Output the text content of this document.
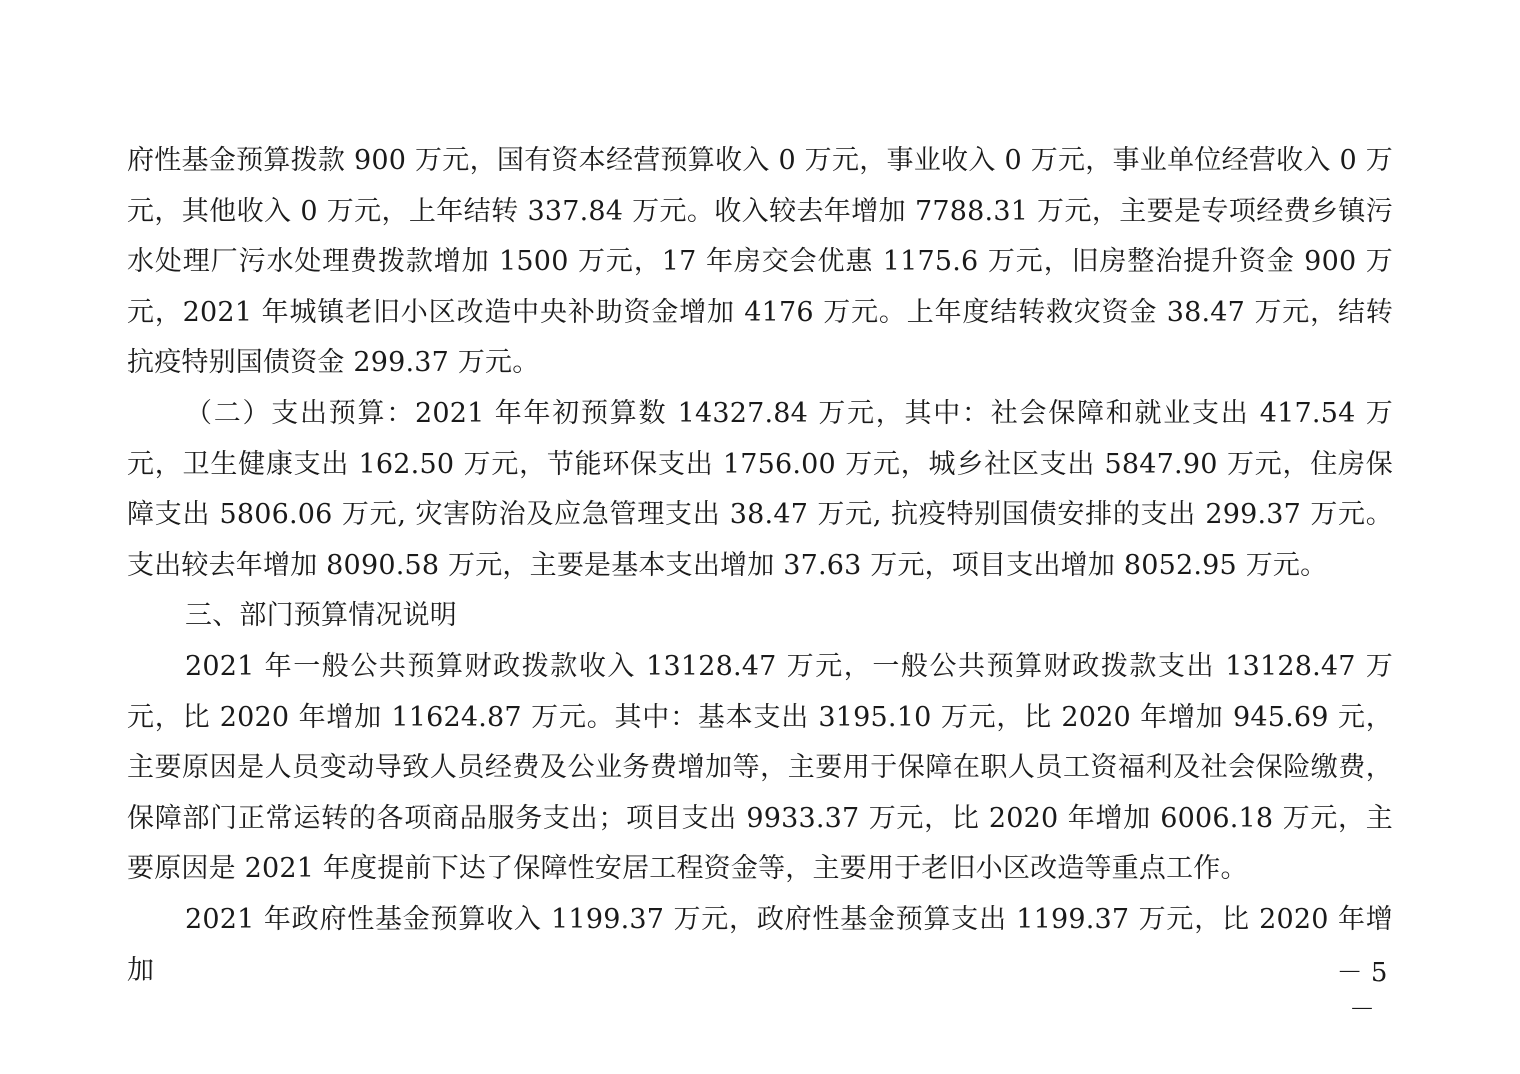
府性基金预算拨款 900 万元，国有资本经营预算收入 0 万元，事业收入 0 万元，事业单位经营收入 0 万元，其他收入 0 万元，上年结转 337.84 万元。收入较去年增加 7788.31 万元，主要是专项经费乡镇污水处理厂污水处理费拨款增加 1500 万元，17 年房交会优惠 1175.6 万元，旧房整治提升资金 900 万元，2021 年城镇老旧小区改造中央补助资金增加 4176 万元。上年度结转救灾资金 38.47 万元，结转抗疫特别国债资金 299.37 万元。

（二）支出预算：2021 年年初预算数 14327.84 万元，其中：社会保障和就业支出 417.54 万元，卫生健康支出 162.50 万元，节能环保支出 1756.00 万元，城乡社区支出 5847.90 万元，住房保障支出 5806.06 万元, 灾害防治及应急管理支出 38.47 万元, 抗疫特别国债安排的支出 299.37 万元。支出较去年增加 8090.58 万元，主要是基本支出增加 37.63 万元，项目支出增加 8052.95 万元。

三、部门预算情况说明

2021 年一般公共预算财政拨款收入 13128.47 万元，一般公共预算财政拨款支出 13128.47 万元，比 2020 年增加 11624.87 万元。其中：基本支出 3195.10 万元，比 2020 年增加 945.69 元，主要原因是人员变动导致人员经费及公业务费增加等，主要用于保障在职人员工资福利及社会保险缴费，保障部门正常运转的各项商品服务支出；项目支出 9933.37 万元，比 2020 年增加 6006.18 万元，主要原因是 2021 年度提前下达了保障性安居工程资金等，主要用于老旧小区改造等重点工作。

2021 年政府性基金预算收入 1199.37 万元，政府性基金预算支出 1199.37 万元，比 2020 年增加	－ 5 －
